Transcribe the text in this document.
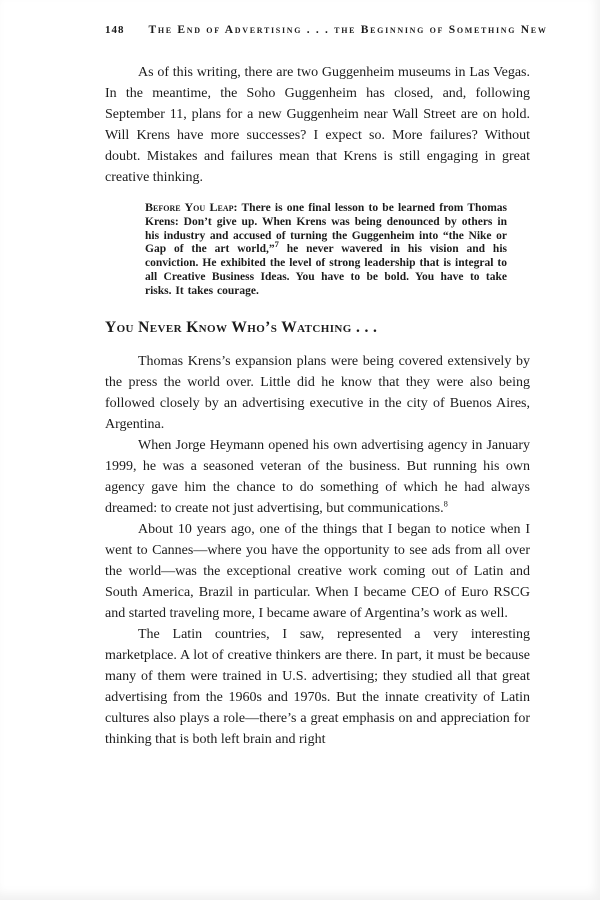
148 The End of Advertising . . . the Beginning of Something New

As of this writing, there are two Guggenheim museums in Las Vegas. In the meantime, the Soho Guggenheim has closed, and, following September 11, plans for a new Guggenheim near Wall Street are on hold. Will Krens have more successes? I expect so. More failures? Without doubt. Mistakes and failures mean that Krens is still engaging in great creative thinking.

Before You Leap: There is one final lesson to be learned from Thomas Krens: Don’t give up. When Krens was being denounced by others in his industry and accused of turning the Guggenheim into “the Nike or Gap of the art world,”$^7$ he never wavered in his vision and his conviction. He exhibited the level of strong leadership that is integral to all Creative Business Ideas. You have to be bold. You have to take risks. It takes courage.
You Never Know Who’s Watching . . .

Thomas Krens’s expansion plans were being covered extensively by the press the world over. Little did he know that they were also being followed closely by an advertising executive in the city of Buenos Aires, Argentina.

When Jorge Heymann opened his own advertising agency in January 1999, he was a seasoned veteran of the business. But running his own agency gave him the chance to do something of which he had always dreamed: to create not just advertising, but communications.$^8$

About 10 years ago, one of the things that I began to notice when I went to Cannes—where you have the opportunity to see ads from all over the world—was the exceptional creative work coming out of Latin and South America, Brazil in particular. When I became CEO of Euro RSCG and started traveling more, I became aware of Argentina’s work as well.

The Latin countries, I saw, represented a very interesting marketplace. A lot of creative thinkers are there. In part, it must be because many of them were trained in U.S. advertising; they studied all that great advertising from the 1960s and 1970s. But the innate creativity of Latin cultures also plays a role—there’s a great emphasis on and appreciation for thinking that is both left brain and right
